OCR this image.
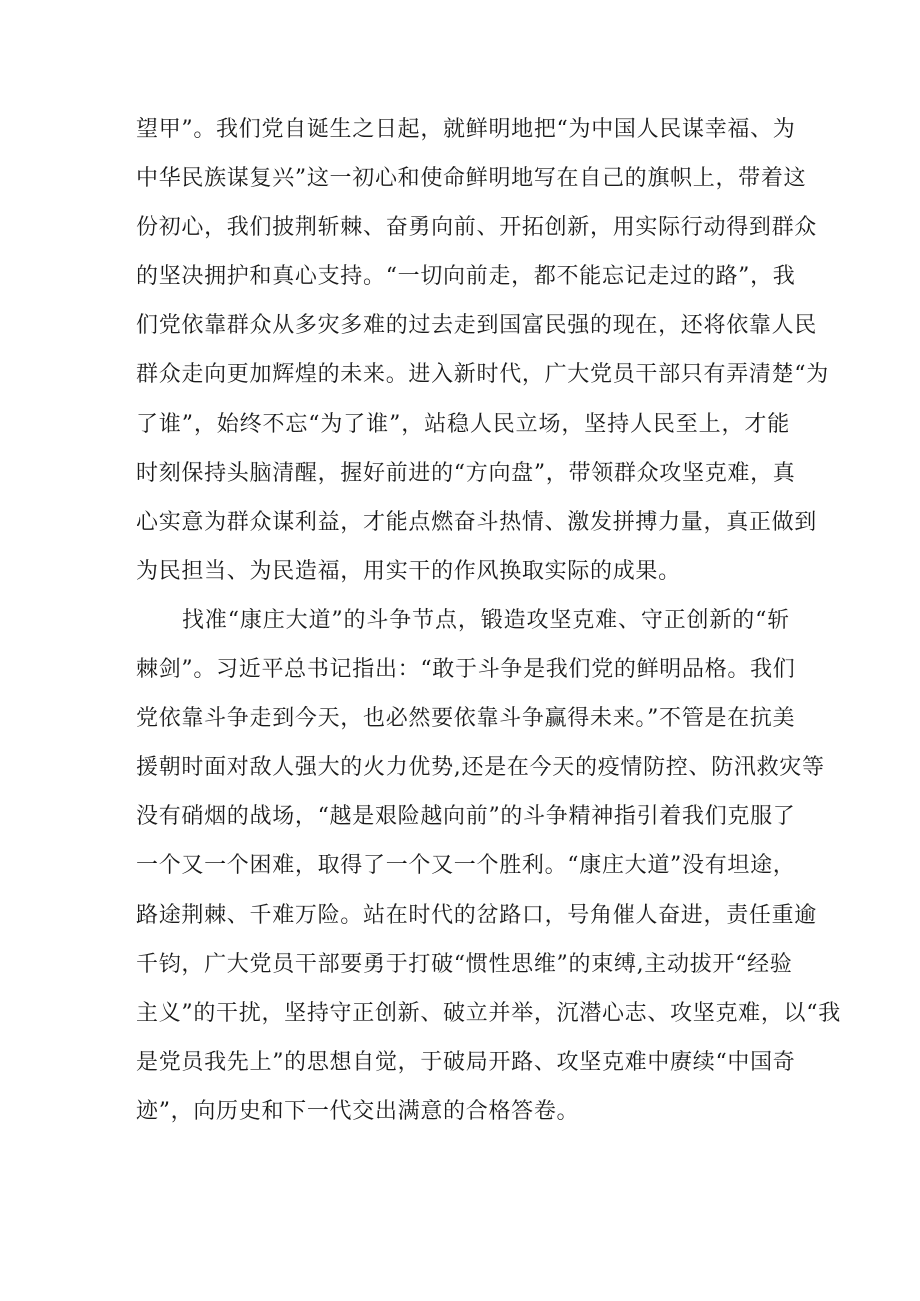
望甲”。我们党自诞生之日起，就鲜明地把“为中国人民谋幸福、为
中华民族谋复兴”这一初心和使命鲜明地写在自己的旗帜上，带着这
份初心，我们披荆斩棘、奋勇向前、开拓创新，用实际行动得到群众
的坚决拥护和真心支持。“一切向前走，都不能忘记走过的路”，我
们党依靠群众从多灾多难的过去走到国富民强的现在，还将依靠人民
群众走向更加辉煌的未来。进入新时代，广大党员干部只有弄清楚“为
了谁”，始终不忘“为了谁”，站稳人民立场，坚持人民至上，才能
时刻保持头脑清醒，握好前进的“方向盘”，带领群众攻坚克难，真
心实意为群众谋利益，才能点燃奋斗热情、激发拼搏力量，真正做到
为民担当、为民造福，用实干的作风换取实际的成果。
找准“康庄大道”的斗争节点，锻造攻坚克难、守正创新的“斩
棘剑”。习近平总书记指出：“敢于斗争是我们党的鲜明品格。我们
党依靠斗争走到今天，也必然要依靠斗争赢得未来。”不管是在抗美
援朝时面对敌人强大的火力优势,还是在今天的疫情防控、防汛救灾等
没有硝烟的战场，“越是艰险越向前”的斗争精神指引着我们克服了
一个又一个困难，取得了一个又一个胜利。“康庄大道”没有坦途，
路途荆棘、千难万险。站在时代的岔路口，号角催人奋进，责任重逾
千钧，广大党员干部要勇于打破“惯性思维”的束缚,主动拔开“经验
主义”的干扰，坚持守正创新、破立并举，沉潜心志、攻坚克难，以“我
是党员我先上”的思想自觉，于破局开路、攻坚克难中赓续“中国奇
迹”，向历史和下一代交出满意的合格答卷。
